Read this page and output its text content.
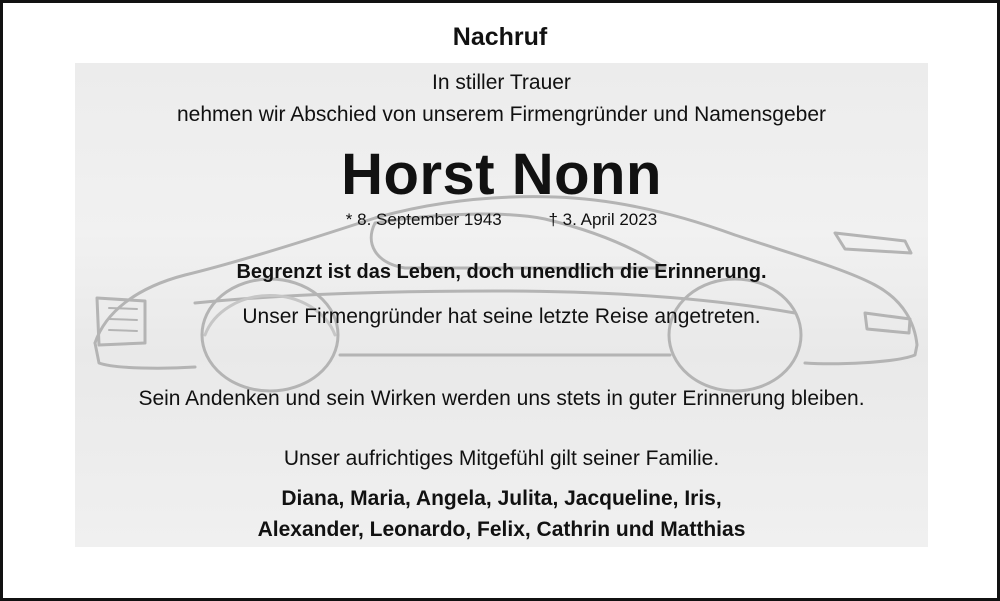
Nachruf
In stiller Trauer
nehmen wir Abschied von unserem Firmengründer und Namensgeber
Horst Nonn
* 8. September 1943	† 3. April 2023
Begrenzt ist das Leben, doch unendlich die Erinnerung.
Unser Firmengründer hat seine letzte Reise angetreten.
Sein Andenken und sein Wirken werden uns stets in guter Erinnerung bleiben.
Unser aufrichtiges Mitgefühl gilt seiner Familie.
Diana, Maria, Angela, Julita, Jacqueline, Iris,
Alexander, Leonardo, Felix, Cathrin und Matthias
